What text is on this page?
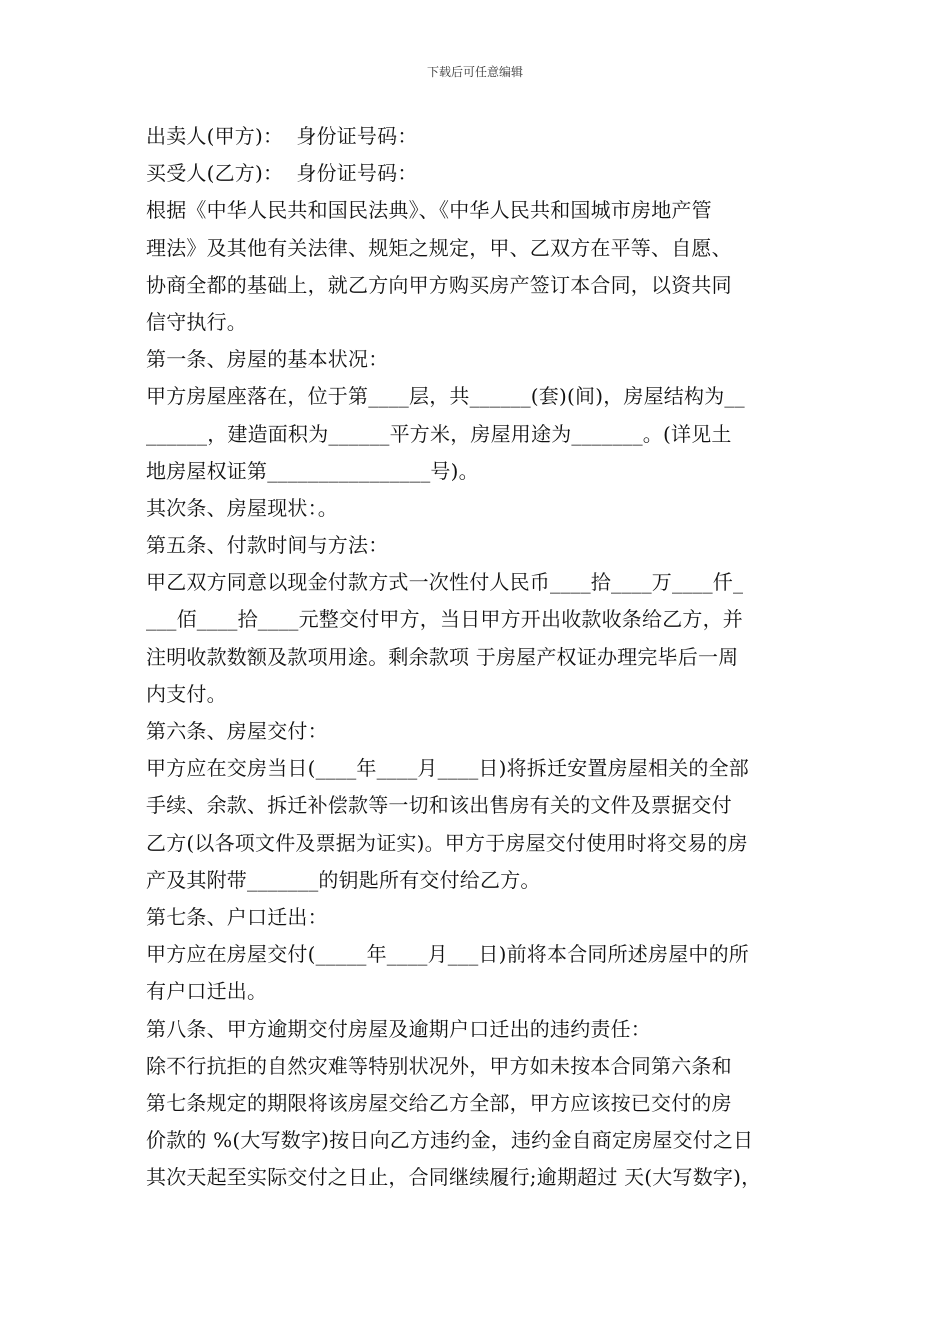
下载后可任意编辑
出卖人(甲方)：  身份证号码：
买受人(乙方)：  身份证号码：
根据《中华人民共和国民法典》、《中华人民共和国城市房地产管
理法》及其他有关法律、规矩之规定，甲、乙双方在平等、自愿、
协商全都的基础上，就乙方向甲方购买房产签订本合同，以资共同
信守执行。
第一条、房屋的基本状况：
甲方房屋座落在，位于第____层，共______(套)(间)，房屋结构为__
______，建造面积为______平方米，房屋用途为_______。(详见土
地房屋权证第________________号)。
其次条、房屋现状：。
第五条、付款时间与方法：
甲乙双方同意以现金付款方式一次性付人民币____拾____万____仟_
___佰____拾____元整交付甲方，当日甲方开出收款收条给乙方，并
注明收款数额及款项用途。剩余款项 于房屋产权证办理完毕后一周
内支付。
第六条、房屋交付：
甲方应在交房当日(____年____月____日)将拆迁安置房屋相关的全部
手续、余款、拆迁补偿款等一切和该出售房有关的文件及票据交付
乙方(以各项文件及票据为证实)。甲方于房屋交付使用时将交易的房
产及其附带_______的钥匙所有交付给乙方。
第七条、户口迁出：
甲方应在房屋交付(_____年____月___日)前将本合同所述房屋中的所
有户口迁出。
第八条、甲方逾期交付房屋及逾期户口迁出的违约责任：
除不行抗拒的自然灾难等特别状况外，甲方如未按本合同第六条和
第七条规定的期限将该房屋交给乙方全部，甲方应该按已交付的房
价款的 %(大写数字)按日向乙方违约金，违约金自商定房屋交付之日
其次天起至实际交付之日止，合同继续履行;逾期超过 天(大写数字)，
